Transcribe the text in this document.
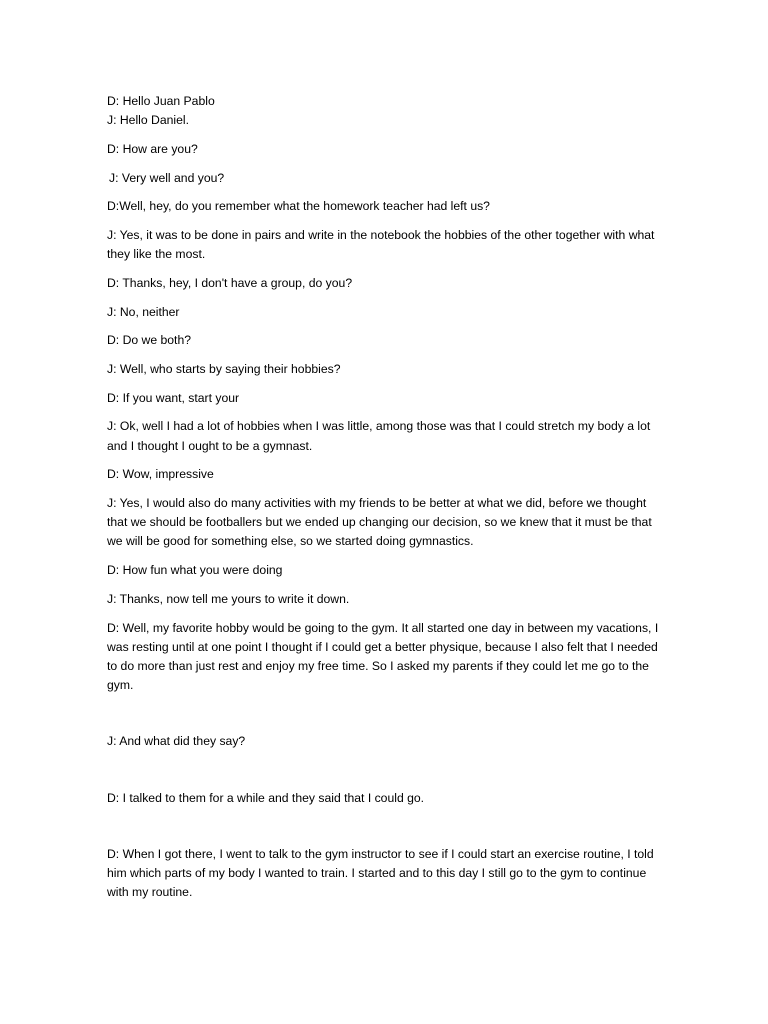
D: Hello Juan Pablo

J: Hello Daniel.

D: How are you?

J: Very well and you?

D:Well, hey, do you remember what the homework teacher had left us?

J: Yes, it was to be done in pairs and write in the notebook the hobbies of the other together with what they like the most.

D: Thanks, hey, I don't have a group, do you?

J: No, neither

D: Do we both?

J: Well, who starts by saying their hobbies?

D: If you want, start your

J: Ok, well I had a lot of hobbies when I was little, among those was that I could stretch my body a lot and I thought I ought to be a gymnast.

D: Wow, impressive

J: Yes, I would also do many activities with my friends to be better at what we did, before we thought that we should be footballers but we ended up changing our decision, so we knew that it must be that we will be good for something else, so we started doing gymnastics.

D: How fun what you were doing

J: Thanks, now tell me yours to write it down.

D: Well, my favorite hobby would be going to the gym. It all started one day in between my vacations, I was resting until at one point I thought if I could get a better physique, because I also felt that I needed to do more than just rest and enjoy my free time. So I asked my parents if they could let me go to the gym.

J: And what did they say?

D: I talked to them for a while and they said that I could go.

D: When I got there, I went to talk to the gym instructor to see if I could start an exercise routine, I told him which parts of my body I wanted to train. I started and to this day I still go to the gym to continue with my routine.
